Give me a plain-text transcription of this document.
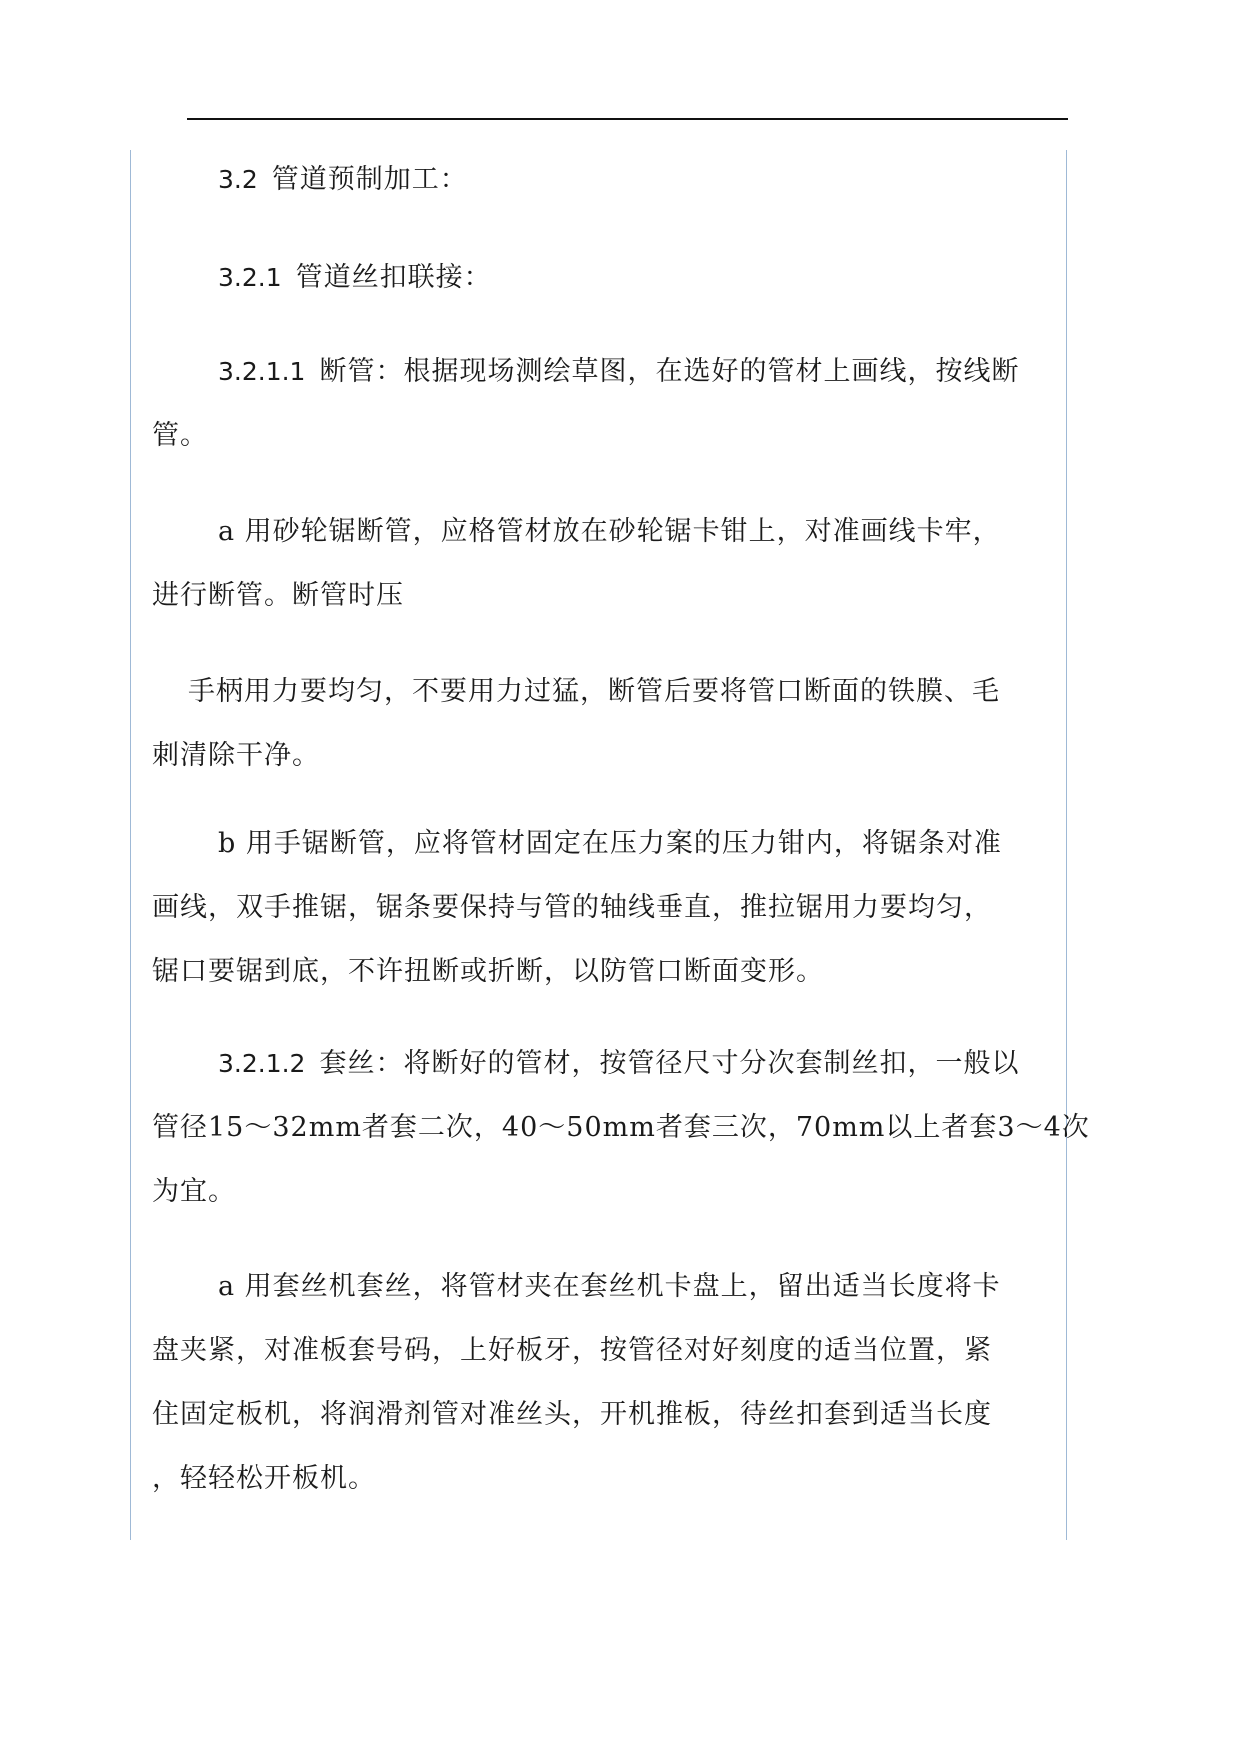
3.2 管道预制加工：

3.2.1 管道丝扣联接：

3.2.1.1 断管：根据现场测绘草图，在选好的管材上画线，按线断
管。

a 用砂轮锯断管，应格管材放在砂轮锯卡钳上，对准画线卡牢，
进行断管。断管时压

手柄用力要均匀，不要用力过猛，断管后要将管口断面的铁膜、毛
刺清除干净。

b 用手锯断管，应将管材固定在压力案的压力钳内，将锯条对准
画线，双手推锯，锯条要保持与管的轴线垂直，推拉锯用力要均匀，
锯口要锯到底，不许扭断或折断，以防管口断面变形。

3.2.1.2 套丝：将断好的管材，按管径尺寸分次套制丝扣，一般以
管径15～32mm者套二次，40～50mm者套三次，70mm以上者套3～4次
为宜。

a 用套丝机套丝，将管材夹在套丝机卡盘上，留出适当长度将卡
盘夹紧，对准板套号码，上好板牙，按管径对好刻度的适当位置，紧
住固定板机，将润滑剂管对准丝头，开机推板，待丝扣套到适当长度
，轻轻松开板机。
